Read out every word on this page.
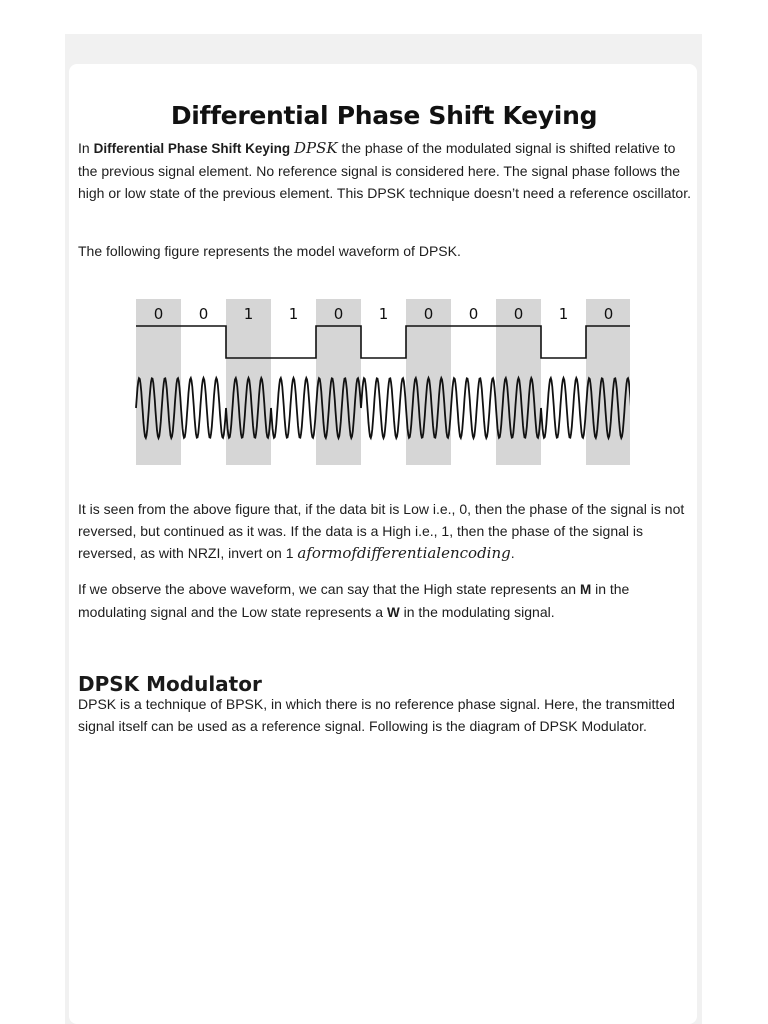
Differential Phase Shift Keying

In Differential Phase Shift Keying DPSK the phase of the modulated signal is shifted relative to the previous signal element. No reference signal is considered here. The signal phase follows the high or low state of the previous element. This DPSK technique doesn’t need a reference oscillator.

The following figure represents the model waveform of DPSK.

0 0 1 1 0 1 0 0 0 1 0

It is seen from the above figure that, if the data bit is Low i.e., 0, then the phase of the signal is not reversed, but continued as it was. If the data is a High i.e., 1, then the phase of the signal is reversed, as with NRZI, invert on 1 aformofdifferentialencoding.

If we observe the above waveform, we can say that the High state represents an M in the modulating signal and the Low state represents a W in the modulating signal.

DPSK Modulator

DPSK is a technique of BPSK, in which there is no reference phase signal. Here, the transmitted signal itself can be used as a reference signal. Following is the diagram of DPSK Modulator.
